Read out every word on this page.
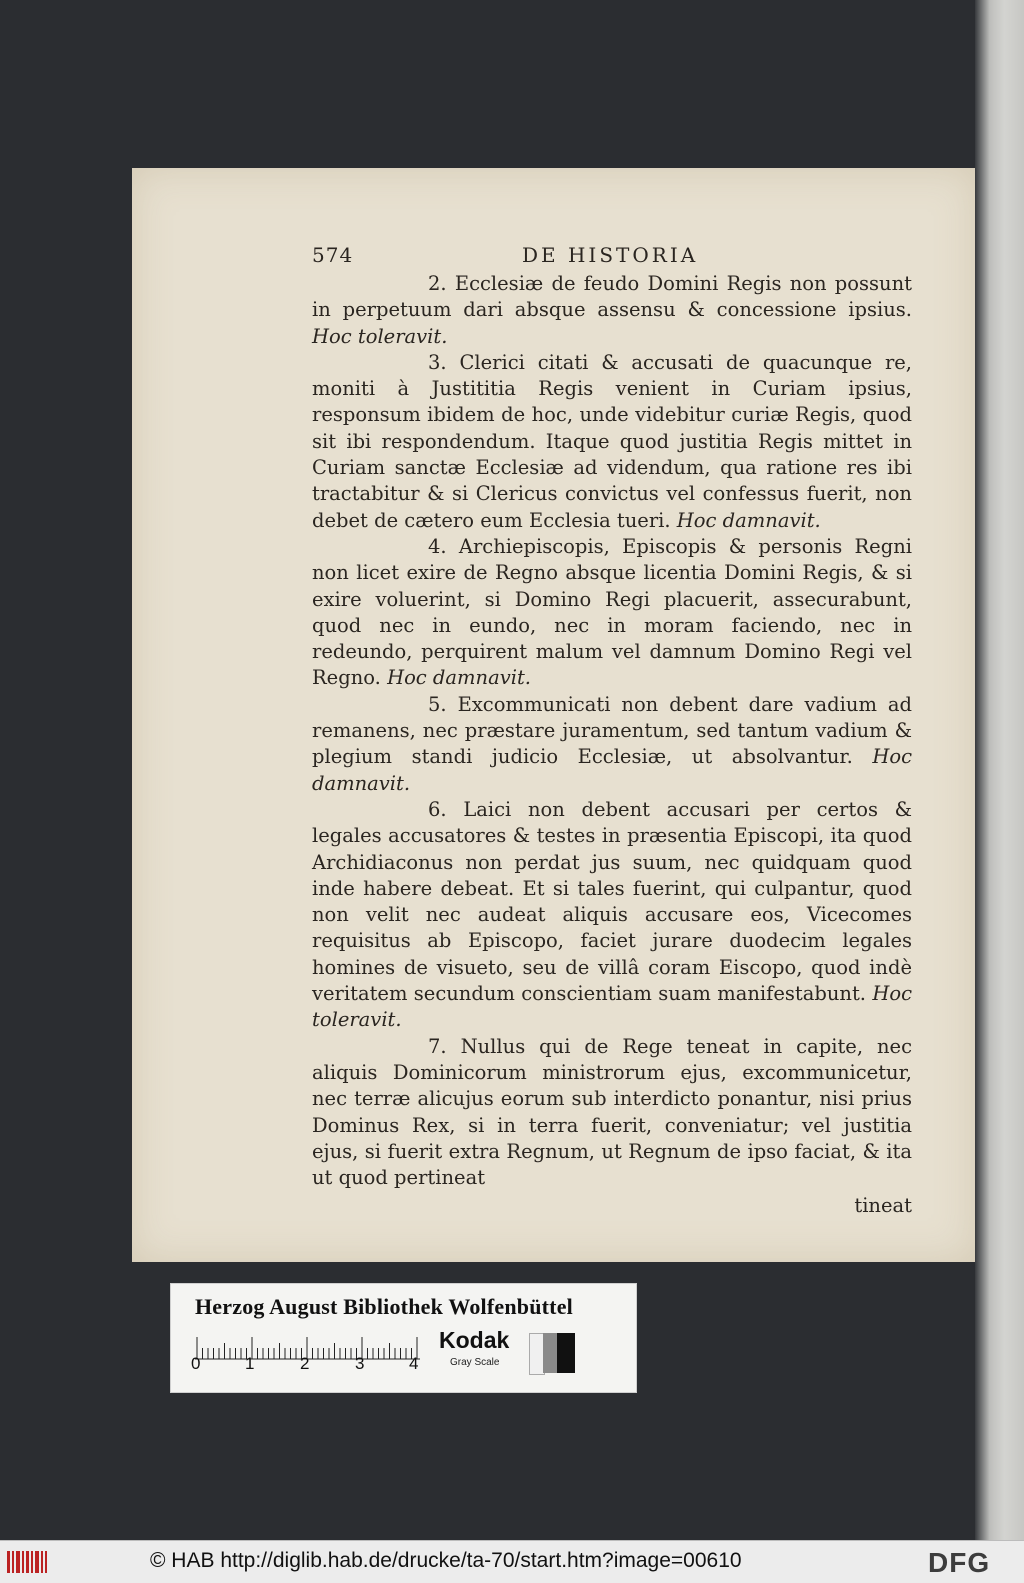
574	DE HISTORIA

2. Ecclesiæ de feudo Domini Regis non possunt in perpetuum dari absque assensu & concessione ipsius. Hoc toleravit.

3. Clerici citati & accusati de quacunque re, moniti à Justititia Regis venient in Curiam ipsius, responsum ibidem de hoc, unde videbitur curiæ Regis, quod sit ibi respondendum. Itaque quod justitia Regis mittet in Curiam sanctæ Ecclesiæ ad videndum, qua ratione res ibi tractabitur & si Clericus convictus vel confessus fuerit, non debet de cætero eum Ecclesia tueri. Hoc damnavit.

4. Archiepiscopis, Episcopis & personis Regni non licet exire de Regno absque licentia Domini Regis, & si exire voluerint, si Domino Regi placuerit, assecurabunt, quod nec in eundo, nec in moram faciendo, nec in redeundo, perquirent malum vel damnum Domino Regi vel Regno. Hoc damnavit.

5. Excommunicati non debent dare vadium ad remanens, nec præstare juramentum, sed tantum vadium & plegium standi judicio Ecclesiæ, ut absolvantur. Hoc damnavit.

6. Laici non debent accusari per certos & legales accusatores & testes in præsentia Episcopi, ita quod Archidiaconus non perdat jus suum, nec quidquam quod inde habere debeat. Et si tales fuerint, qui culpantur, quod non velit nec audeat aliquis accusare eos, Vicecomes requisitus ab Episcopo, faciet jurare duodecim legales homines de visueto, seu de villâ coram Eiscopo, quod indè veritatem secundum conscientiam suam manifestabunt. Hoc toleravit.

7. Nullus qui de Rege teneat in capite, nec aliquis Dominicorum ministrorum ejus, excommunicetur, nec terræ alicujus eorum sub interdicto ponantur, nisi prius Dominus Rex, si in terra fuerit, conveniatur; vel justitia ejus, si fuerit extra Regnum, ut Regnum de ipso faciat, & ita ut quod pertineat

tineat
Herzog August Bibliothek Wolfenbüttel
0	1	2	3	4
Kodak
Gray Scale
© HAB http://diglib.hab.de/drucke/ta-70/start.htm?image=00610	DFG
